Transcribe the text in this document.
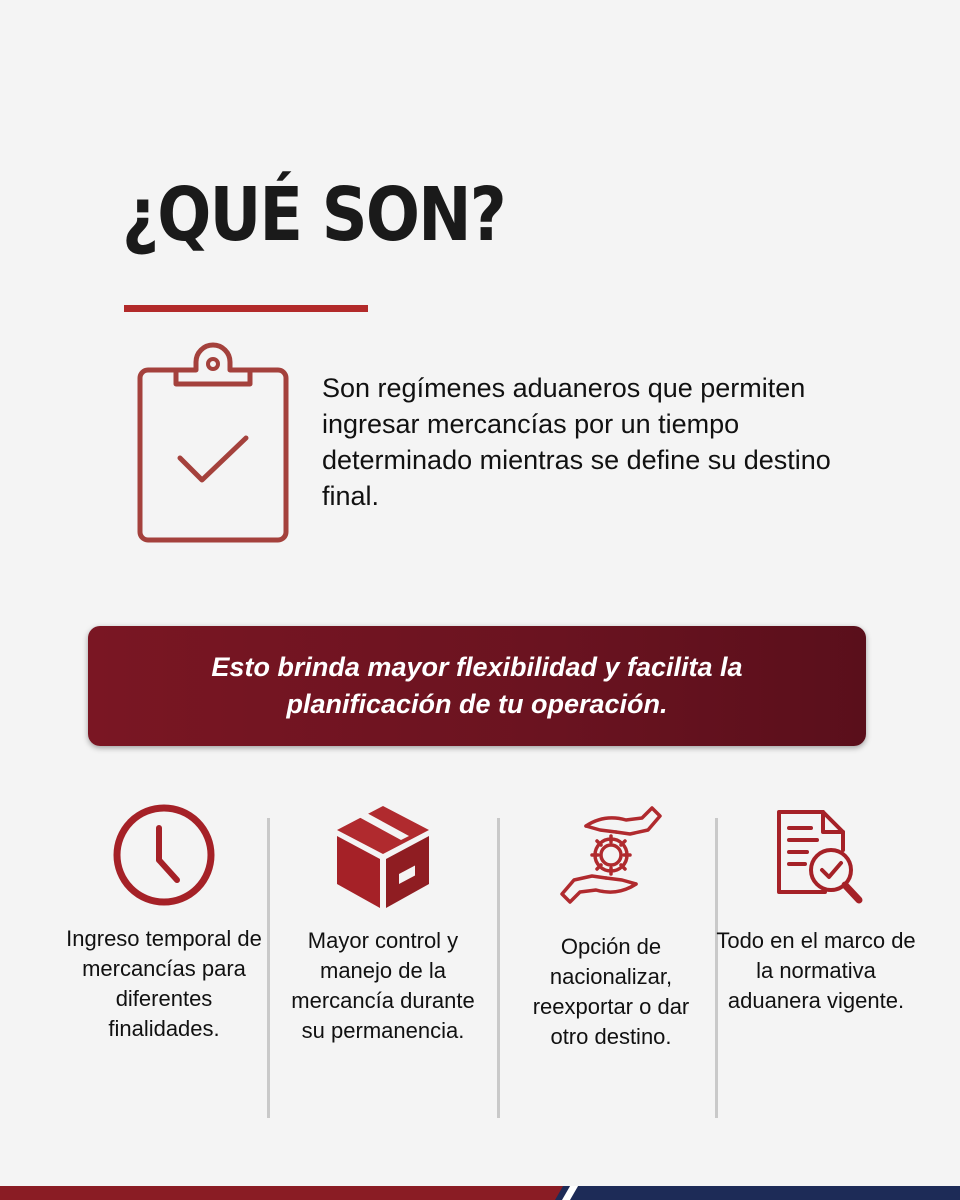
¿QUÉ SON?

Son regímenes aduaneros que permiten ingresar mercancías por un tiempo determinado mientras se define su destino final.

Esto brinda mayor flexibilidad y facilita la planificación de tu operación.

Ingreso temporal de mercancías para diferentes finalidades.

Mayor control y manejo de la mercancía durante su permanencia.

Opción de nacionalizar, reexportar o dar otro destino.

Todo en el marco de la normativa aduanera vigente.
